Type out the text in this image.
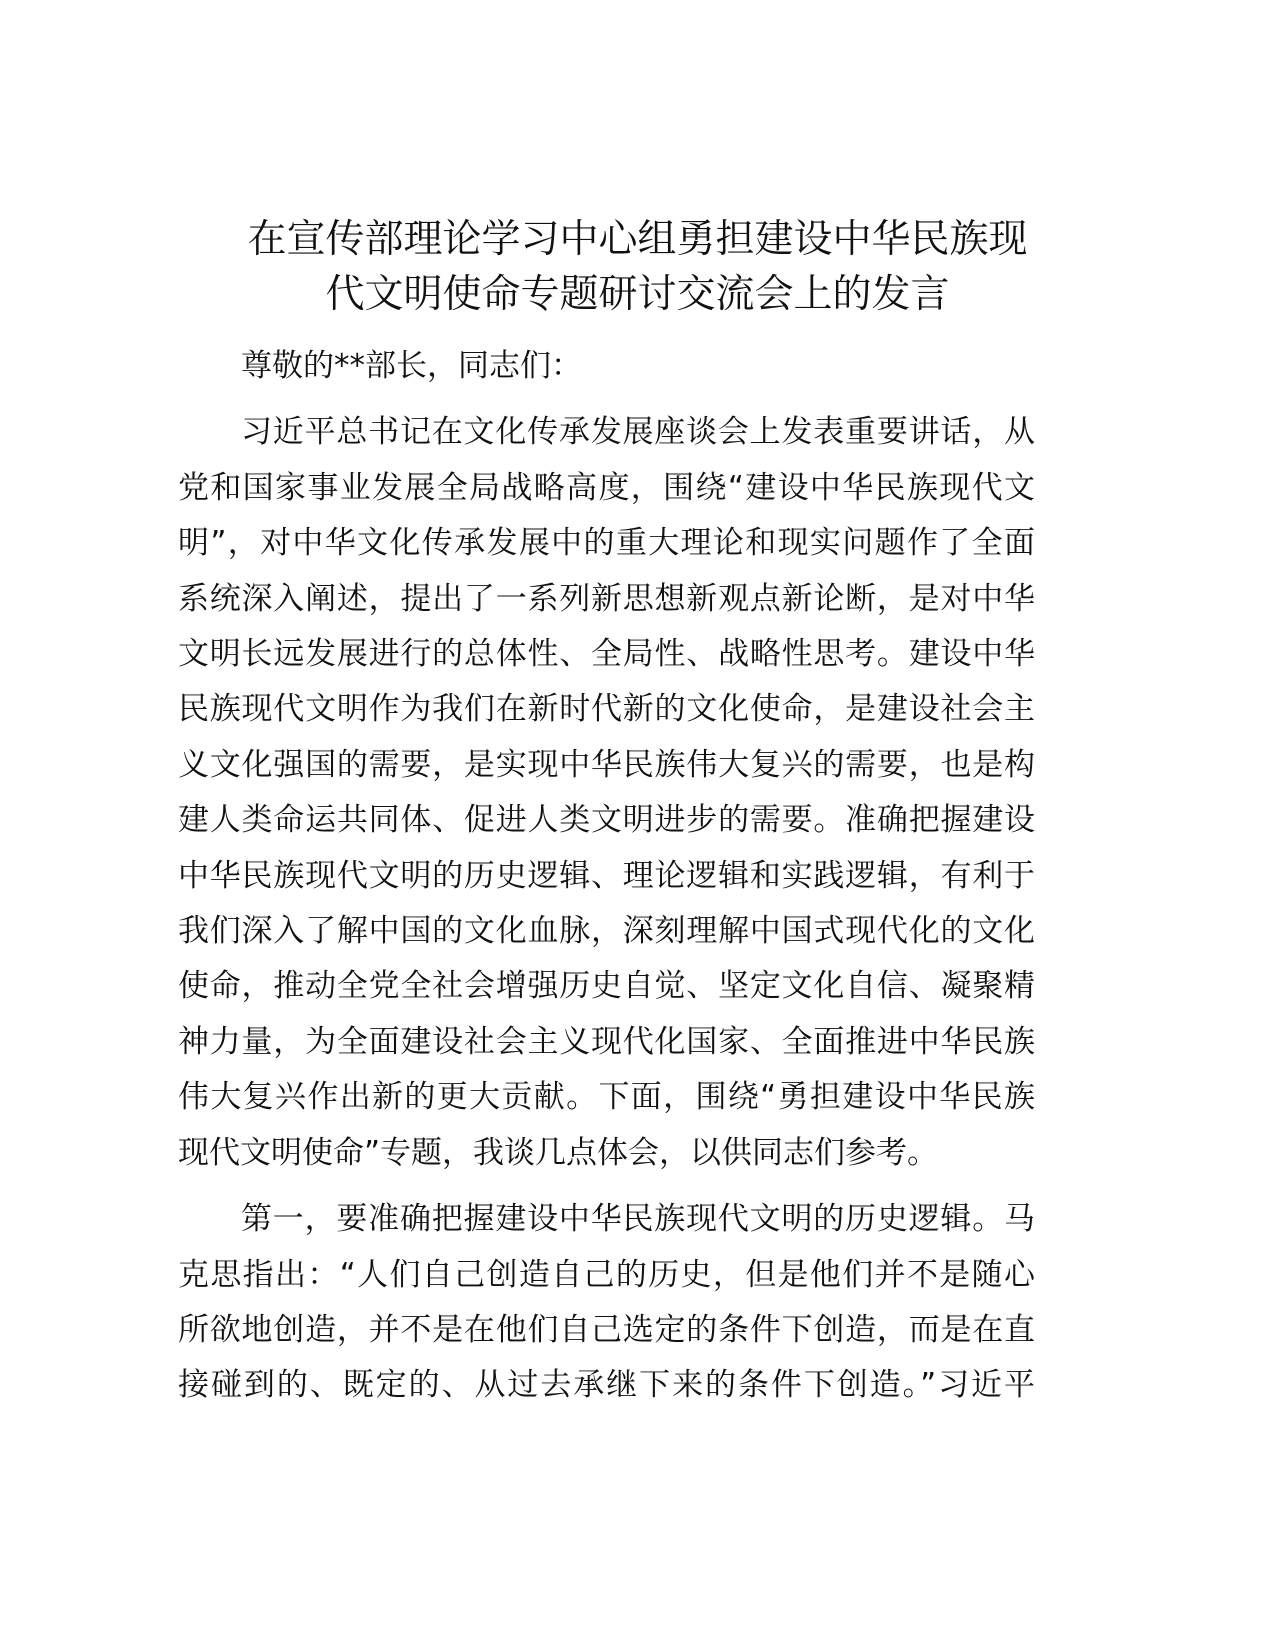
在宣传部理论学习中心组勇担建设中华民族现
代文明使命专题研讨交流会上的发言
尊敬的**部长，同志们：
习近平总书记在文化传承发展座谈会上发表重要讲话，从
党和国家事业发展全局战略高度，围绕“建设中华民族现代文
明”，对中华文化传承发展中的重大理论和现实问题作了全面
系统深入阐述，提出了一系列新思想新观点新论断，是对中华
文明长远发展进行的总体性、全局性、战略性思考。建设中华
民族现代文明作为我们在新时代新的文化使命，是建设社会主
义文化强国的需要，是实现中华民族伟大复兴的需要，也是构
建人类命运共同体、促进人类文明进步的需要。准确把握建设
中华民族现代文明的历史逻辑、理论逻辑和实践逻辑，有利于
我们深入了解中国的文化血脉，深刻理解中国式现代化的文化
使命，推动全党全社会增强历史自觉、坚定文化自信、凝聚精
神力量，为全面建设社会主义现代化国家、全面推进中华民族
伟大复兴作出新的更大贡献。下面，围绕“勇担建设中华民族
现代文明使命”专题，我谈几点体会，以供同志们参考。
第一，要准确把握建设中华民族现代文明的历史逻辑。马
克思指出：“人们自己创造自己的历史，但是他们并不是随心
所欲地创造，并不是在他们自己选定的条件下创造，而是在直
接碰到的、既定的、从过去承继下来的条件下创造。”习近平
